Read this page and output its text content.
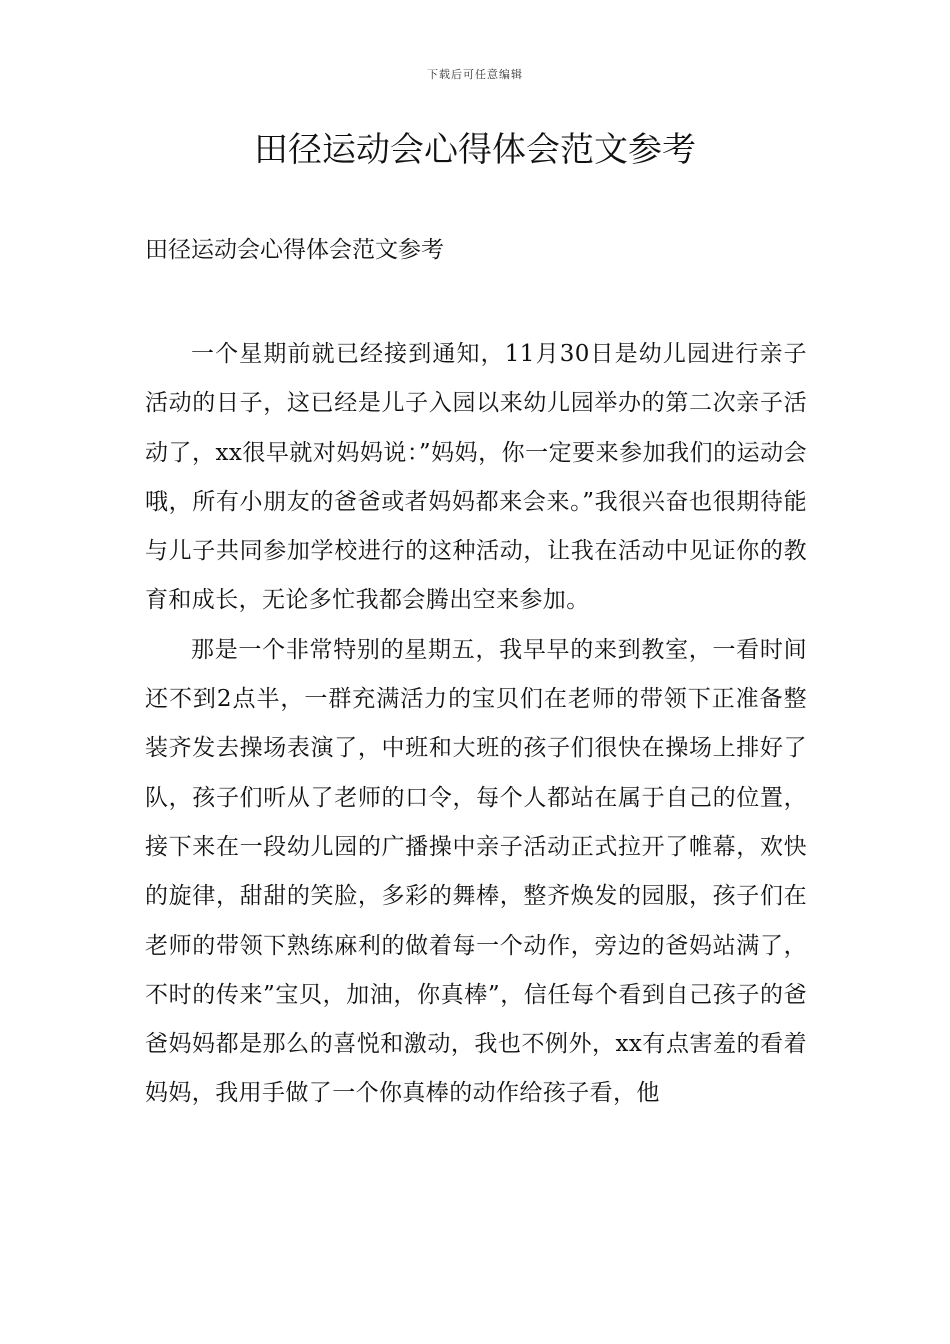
下载后可任意编辑
田径运动会心得体会范文参考

田径运动会心得体会范文参考

一个星期前就已经接到通知，11月30日是幼儿园进行亲子活动的日子，这已经是儿子入园以来幼儿园举办的第二次亲子活动了，xx很早就对妈妈说：”妈妈，你一定要来参加我们的运动会哦，所有小朋友的爸爸或者妈妈都来会来。”我很兴奋也很期待能与儿子共同参加学校进行的这种活动，让我在活动中见证你的教育和成长，无论多忙我都会腾出空来参加。

那是一个非常特别的星期五，我早早的来到教室，一看时间还不到2点半，一群充满活力的宝贝们在老师的带领下正准备整装齐发去操场表演了，中班和大班的孩子们很快在操场上排好了队，孩子们听从了老师的口令，每个人都站在属于自己的位置，接下来在一段幼儿园的广播操中亲子活动正式拉开了帷幕，欢快的旋律，甜甜的笑脸，多彩的舞棒，整齐焕发的园服，孩子们在老师的带领下熟练麻利的做着每一个动作，旁边的爸妈站满了，不时的传来”宝贝，加油，你真棒”，信任每个看到自己孩子的爸爸妈妈都是那么的喜悦和激动，我也不例外，xx有点害羞的看着妈妈，我用手做了一个你真棒的动作给孩子看，他
